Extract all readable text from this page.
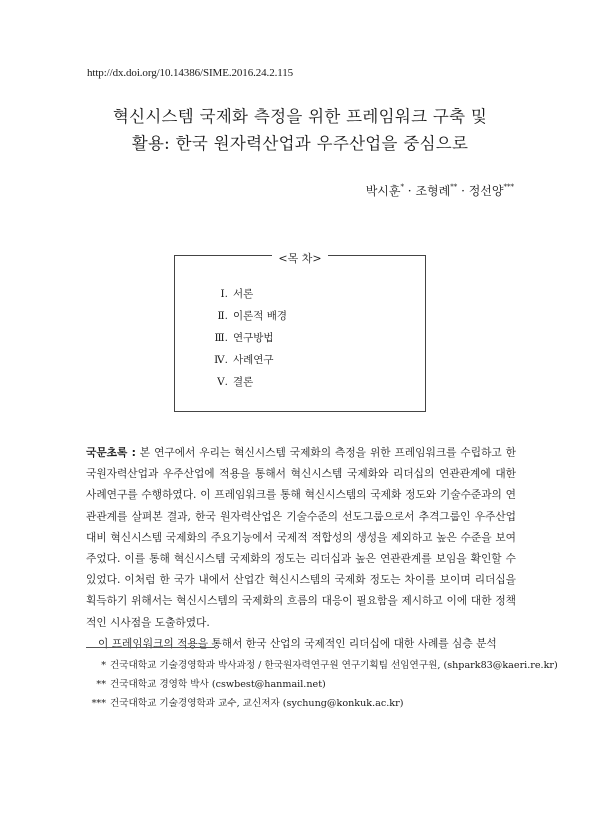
http://dx.doi.org/10.14386/SIME.2016.24.2.115
혁신시스템 국제화 측정을 위한 프레임워크 구축 및
활용: 한국 원자력산업과 우주산업을 중심으로
박시훈* · 조형례** · 정선양***
<목 차>
Ⅰ. 서론
Ⅱ. 이론적 배경
Ⅲ. 연구방법
Ⅳ. 사례연구
Ⅴ. 결론

국문초록 : 본 연구에서 우리는 혁신시스템 국제화의 측정을 위한 프레임워크를 수립하고 한국원자력산업과 우주산업에 적용을 통해서 혁신시스템 국제화와 리더십의 연관관계에 대한 사례연구를 수행하였다. 이 프레임워크를 통해 혁신시스템의 국제화 정도와 기술수준과의 연관관계를 살펴본 결과, 한국 원자력산업은 기술수준의 선도그룹으로서 추격그룹인 우주산업 대비 혁신시스템 국제화의 주요기능에서 국제적 적합성의 생성을 제외하고 높은 수준을 보여주었다. 이를 통해 혁신시스템 국제화의 정도는 리더십과 높은 연관관계를 보임을 확인할 수 있었다. 이처럼 한 국가 내에서 산업간 혁신시스템의 국제화 정도는 차이를 보이며 리더십을 획득하기 위해서는 혁신시스템의 국제화의 흐름의 대응이 필요함을 제시하고 이에 대한 정책적인 시사점을 도출하였다.

이 프레임워크의 적용을 통해서 한국 산업의 국제적인 리더십에 대한 사례를 심층 분석

* 건국대학교 기술경영학과 박사과정 / 한국원자력연구원 연구기획팀 선임연구원, (shpark83@kaeri.re.kr)
** 건국대학교 경영학 박사 (cswbest@hanmail.net)
*** 건국대학교 기술경영학과 교수, 교신저자 (sychung@konkuk.ac.kr)
